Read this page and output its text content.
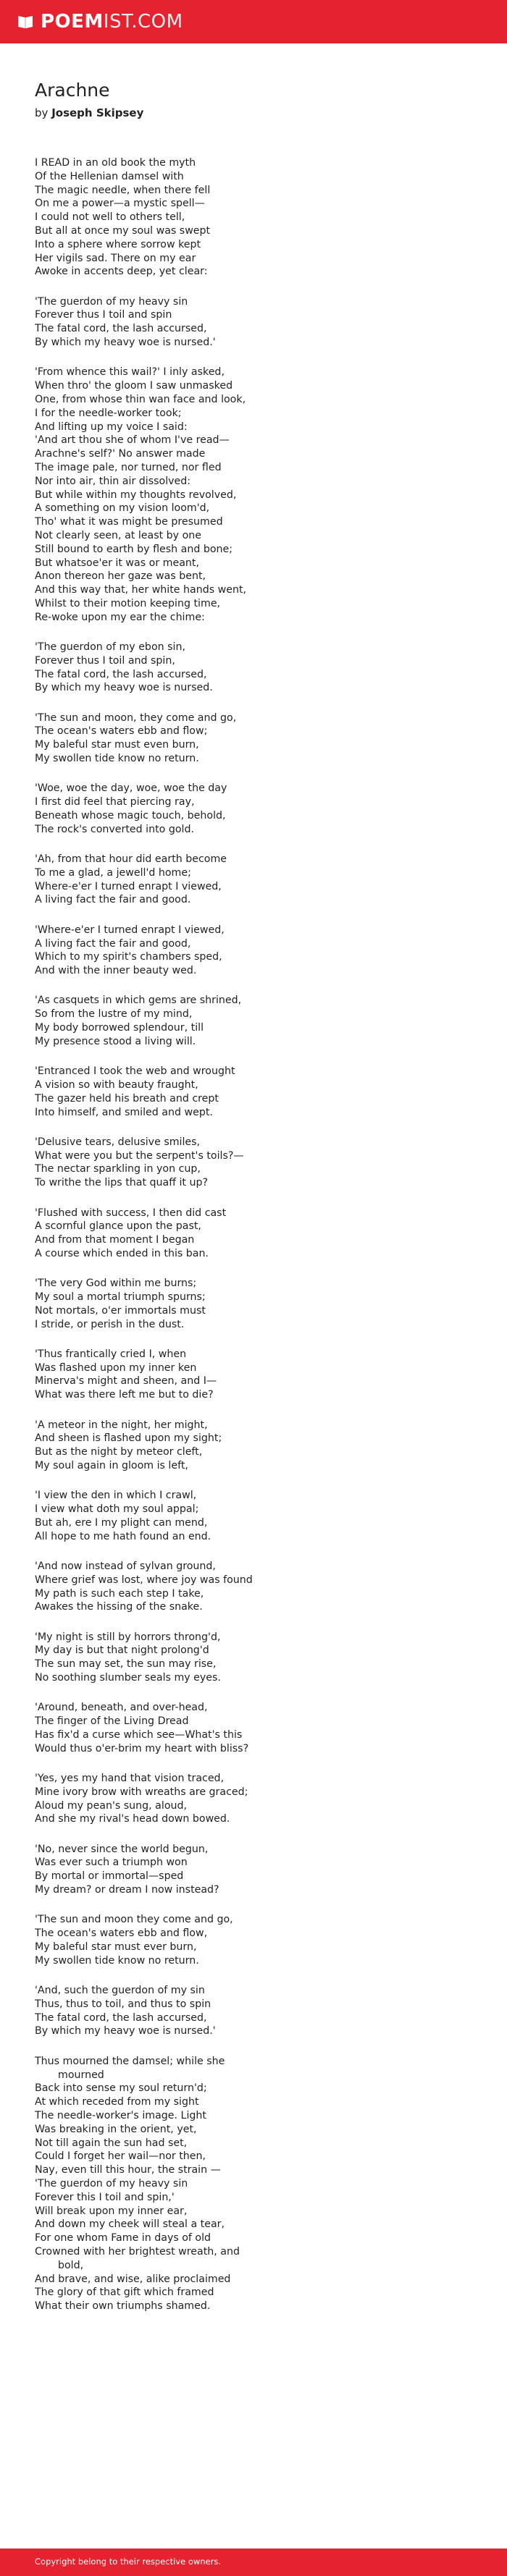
POEMIST.COM
Arachne
by Joseph Skipsey
I READ in an old book the myth
Of the Hellenian damsel with
The magic needle, when there fell
On me a power—a mystic spell—
I could not well to others tell,
But all at once my soul was swept
Into a sphere where sorrow kept
Her vigils sad. There on my ear
Awoke in accents deep, yet clear:
'The guerdon of my heavy sin
Forever thus I toil and spin
The fatal cord, the lash accursed,
By which my heavy woe is nursed.'
'From whence this wail?' I inly asked,
When thro' the gloom I saw unmasked
One, from whose thin wan face and look,
I for the needle-worker took;
And lifting up my voice I said:
'And art thou she of whom I've read—
Arachne's self?' No answer made
The image pale, nor turned, nor fled
Nor into air, thin air dissolved:
But while within my thoughts revolved,
A something on my vision loom'd,
Tho' what it was might be presumed
Not clearly seen, at least by one
Still bound to earth by flesh and bone;
But whatsoe'er it was or meant,
Anon thereon her gaze was bent,
And this way that, her white hands went,
Whilst to their motion keeping time,
Re-woke upon my ear the chime:
'The guerdon of my ebon sin,
Forever thus I toil and spin,
The fatal cord, the lash accursed,
By which my heavy woe is nursed.
'The sun and moon, they come and go,
The ocean's waters ebb and flow;
My baleful star must even burn,
My swollen tide know no return.
'Woe, woe the day, woe, woe the day
I first did feel that piercing ray,
Beneath whose magic touch, behold,
The rock's converted into gold.
'Ah, from that hour did earth become
To me a glad, a jewell'd home;
Where-e'er I turned enrapt I viewed,
A living fact the fair and good.
'Where-e'er I turned enrapt I viewed,
A living fact the fair and good,
Which to my spirit's chambers sped,
And with the inner beauty wed.
'As casquets in which gems are shrined,
So from the lustre of my mind,
My body borrowed splendour, till
My presence stood a living will.
'Entranced I took the web and wrought
A vision so with beauty fraught,
The gazer held his breath and crept
Into himself, and smiled and wept.
'Delusive tears, delusive smiles,
What were you but the serpent's toils?—
The nectar sparkling in yon cup,
To writhe the lips that quaff it up?
'Flushed with success, I then did cast
A scornful glance upon the past,
And from that moment I began
A course which ended in this ban.
'The very God within me burns;
My soul a mortal triumph spurns;
Not mortals, o'er immortals must
I stride, or perish in the dust.
'Thus frantically cried I, when
Was flashed upon my inner ken
Minerva's might and sheen, and I—
What was there left me but to die?
'A meteor in the night, her might,
And sheen is flashed upon my sight;
But as the night by meteor cleft,
My soul again in gloom is left,
'I view the den in which I crawl,
I view what doth my soul appal;
But ah, ere I my plight can mend,
All hope to me hath found an end.
'And now instead of sylvan ground,
Where grief was lost, where joy was found
My path is such each step I take,
Awakes the hissing of the snake.
'My night is still by horrors throng'd,
My day is but that night prolong'd
The sun may set, the sun may rise,
No soothing slumber seals my eyes.
'Around, beneath, and over-head,
The finger of the Living Dread
Has fix'd a curse which see—What's this
Would thus o'er-brim my heart with bliss?
'Yes, yes my hand that vision traced,
Mine ivory brow with wreaths are graced;
Aloud my pean's sung, aloud,
And she my rival's head down bowed.
'No, never since the world begun,
Was ever such a triumph won
By mortal or immortal—sped
My dream? or dream I now instead?
'The sun and moon they come and go,
The ocean's waters ebb and flow,
My baleful star must ever burn,
My swollen tide know no return.
'And, such the guerdon of my sin
Thus, thus to toil, and thus to spin
The fatal cord, the lash accursed,
By which my heavy woe is nursed.'
Thus mourned the damsel; while she
mourned
Back into sense my soul return'd;
At which receded from my sight
The needle-worker's image. Light
Was breaking in the orient, yet,
Not till again the sun had set,
Could I forget her wail—nor then,
Nay, even till this hour, the strain —
'The guerdon of my heavy sin
Forever this I toil and spin,'
Will break upon my inner ear,
And down my cheek will steal a tear,
For one whom Fame in days of old
Crowned with her brightest wreath, and
bold,
And brave, and wise, alike proclaimed
The glory of that gift which framed
What their own triumphs shamed.
Copyright belong to their respective owners.
